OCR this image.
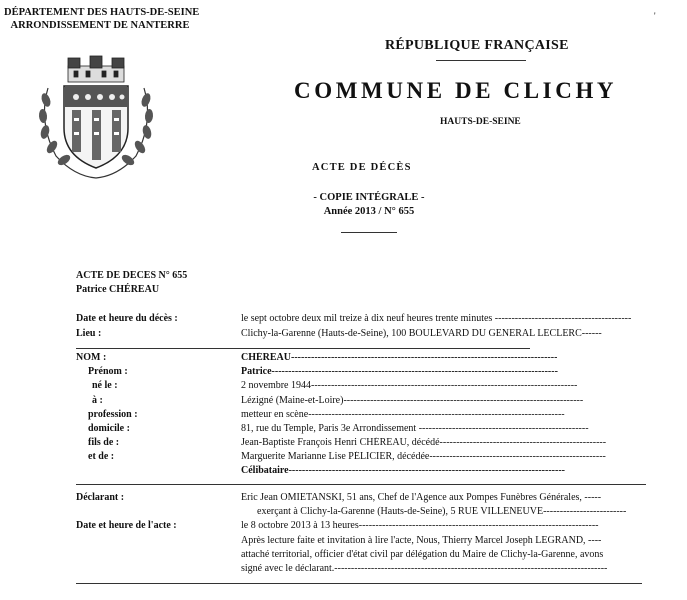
DÉPARTEMENT DES HAUTS-DE-SEINE
ARRONDISSEMENT DE NANTERRE
'
RÉPUBLIQUE FRANÇAISE
COMMUNE DE CLICHY
HAUTS-DE-SEINE
ACTE DE DÉCÈS
- COPIE INTÉGRALE -
Année 2013 / N° 655
ACTE DE DECES N° 655
Patrice CHÉREAU
Date et heure du décès :	le sept octobre deux mil treize à dix neuf heures trente minutes -----------------------------------------
Lieu :	Clichy-la-Garenne (Hauts-de-Seine), 100 BOULEVARD DU GENERAL LECLERC------
NOM :	CHÉREAU--------------------------------------------------------------------------------
Prénom :	Patrice--------------------------------------------------------------------------------------
né le :	2 novembre 1944--------------------------------------------------------------------------------
à :	Lézigné (Maine-et-Loire)------------------------------------------------------------------------
profession :	metteur en scène-----------------------------------------------------------------------------
domicile :	81, rue du Temple, Paris 3e Arrondissement ---------------------------------------------------
fils de :	Jean-Baptiste François Henri CHÉREAU, décédé--------------------------------------------------
et de :	Marguerite Marianne Lise PÉLICIER, décédée-----------------------------------------------------
Célibataire-----------------------------------------------------------------------------------
Déclarant :	Eric Jean OMIETANSKI, 51 ans, Chef de l'Agence aux Pompes Funèbres Générales, -----
exerçant à Clichy-la-Garenne (Hauts-de-Seine), 5 RUE VILLENEUVE-------------------------
Date et heure de l'acte :	le 8 octobre 2013 à 13 heures------------------------------------------------------------------------
Après lecture faite et invitation à lire l'acte, Nous, Thierry Marcel Joseph LEGRAND, ----
attaché territorial, officier d'état civil par délégation du Maire de Clichy-la-Garenne, avons
signé avec le déclarant.----------------------------------------------------------------------------------
